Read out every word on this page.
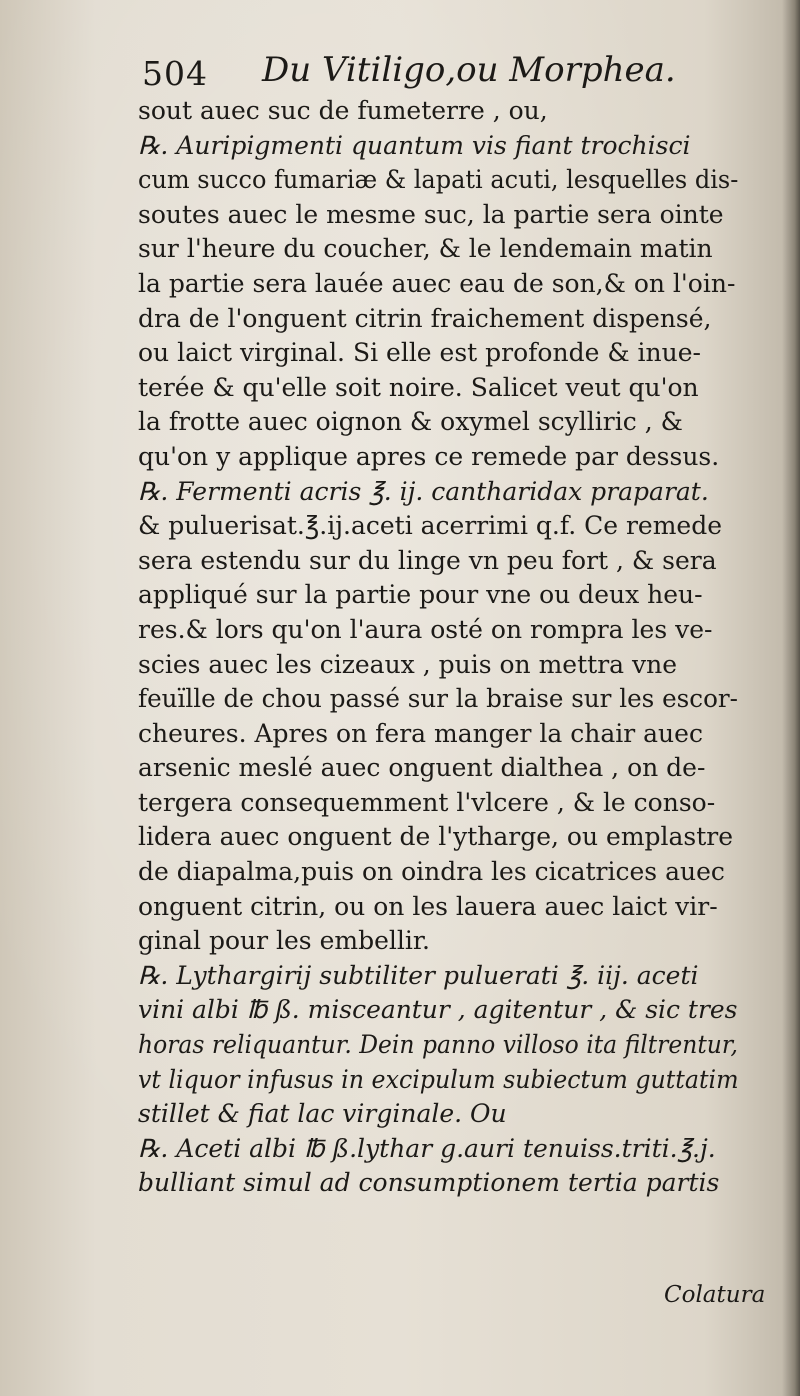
504 Du Vitiligo,ou Morphea.
sout auec suc de fumeterre , ou,
℞. Auripigmenti quantum vis fiant trochisci
cum succo fumariæ & lapati acuti, lesquelles dis-
soutes auec le mesme suc, la partie sera ointe
sur l'heure du coucher, & le lendemain matin
la partie sera lauée auec eau de son,& on l'oin-
dra de l'onguent citrin fraichement dispensé,
ou laict virginal. Si elle est profonde & inue-
terée & qu'elle soit noire. Salicet veut qu'on
la frotte auec oignon & oxymel scylliric , &
qu'on y applique apres ce remede par dessus.
℞. Fermenti acris ℥. ij. cantharidax praparat.
& puluerisat.℥.ij.aceti acerrimi q.f. Ce remede
sera estendu sur du linge vn peu fort , & sera
appliqué sur la partie pour vne ou deux heu-
res.& lors qu'on l'aura osté on rompra les ve-
scies auec les cizeaux , puis on mettra vne
feuïlle de chou passé sur la braise sur les escor-
cheures. Apres on fera manger la chair auec
arsenic meslé auec onguent dialthea , on de-
tergera consequemment l'vlcere , & le conso-
lidera auec onguent de l'ytharge, ou emplastre
de diapalma,puis on oindra les cicatrices auec
onguent citrin, ou on les lauera auec laict vir-
ginal pour les embellir.
℞. Lythargirij subtiliter puluerati ℥. iij. aceti
vini albi ℔ ß. misceantur , agitentur , & sic tres
horas reliquantur. Dein panno villoso ita filtrentur,
vt liquor infusus in excipulum subiectum guttatim
stillet & fiat lac virginale. Ou
℞. Aceti albi ℔ ß.lythar g.auri tenuiss.triti.℥.j.
bulliant simul ad consumptionem tertia partis
Colatura
